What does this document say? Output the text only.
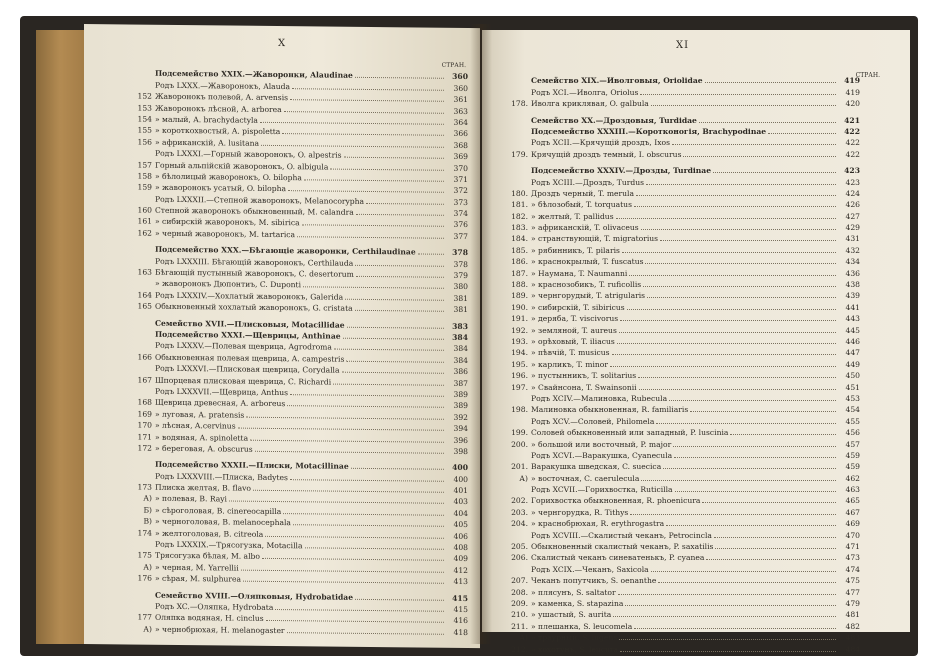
X
СТРАН.
Подсемейство XXIX.—Жаворонки, Alaudinae	360
Родъ LXXX.—Жаворонокъ, Alauda	360
152 Жаворонокъ полевой, A. arvensis	361
153 Жаворонокъ лѣсной, A. arborea	363
154 » малый, A. brachydactyla	364
155 » короткохвостый, A. pispoletta	366
156 » африканскій, A. lusitana	368
Родъ LXXXI.—Горный жаворонокъ, O. alpestris	369
157 Горный альпійскій жаворонокъ, O. albigula	370
158 » бѣлолицый жаворонокъ, O. bilopha	371
159 » жаворонокъ усатый, O. bilopha	372
Родъ LXXXII.—Степной жаворонокъ, Melanocorypha	373
160 Степной жаворонокъ обыкновенный, M. calandra	374
161 » сибирскій жаворонокъ, M. sibirica	376
162 » черный жаворонокъ, M. tartarica	377
Подсемейство XXX.—Бѣгающіе жаворонки, Certhilaudinae	378
Родъ LXXXIII. Бѣгающій жаворонокъ, Certhilauda	378
163 Бѣгающій пустынный жаворонокъ, C. desertorum	379
» жаворонокъ Дюпонтиъ, C. Duponti	380
164 Родъ LXXXIV.—Хохлатый жаворонокъ, Galerida	381
165 Обыкновенный хохлатый жаворонокъ, G. cristata	381
Семейство XVII.—Плисковыя, Motacillidae	383
Подсемейство XXXI.—Щеврицы, Anthinae	384
Родъ LXXXV.—Полевая щеврица, Agrodroma	384
166 Обыкновенная полевая щеврица, A. campestris	384
Родъ LXXXVI.—Плисковая щеврица, Corydalla	386
167 Шпорцевая плисковая щеврица, C. Richardi	387
Родъ LXXXVII.—Щеврица, Anthus	389
168 Щеврица древесная, A. arboreus	389
169 » луговая, A. pratensis	392
170 » лѣсная, A.cervinus	394
171 » водяная, A. spinoletta	396
172 » береговая, A. obscurus	398
Подсемейство XXXII.—Плиски, Motacillinae	400
Родъ LXXXVIII.—Плиска, Badytes	400
173 Плиска желтая, B. flavo	401
А) » полевая, B. Rayi	403
Б) » сѣроголовая, B. cinereocapilla	404
В) » черноголовая, B. melanocephala	405
174 » желтоголовая, B. citreola	406
Родъ LXXXIX.—Трясогузка, Motacilla	408
175 Трясогузка бѣлая, M. albo	409
А) » черная, M. Yarrellii	412
176 » сѣрая, M. sulphurea	413
Семейство XVIII.—Оляпковыя, Hydrobatidae	415
Родъ XC.—Оляпка, Hydrobata	415
177 Оляпка водяная, H. cinclus	416
А) » чернобрюхая, H. melanogaster	418
XI
СТРАН.
Семейство XIX.—Иволговыя, Oriolidae	419
Родъ XCI.—Иволга, Oriolus	419
178. Иволга криклявая, O. galbula	420
Семейство XX.—Дроздовыя, Turdidae	421
Подсемейство XXXIII.—Коротконогія, Brachypodinae	422
Родъ XCII.—Крячущій дроздъ, Ixos	422
179. Крячущій дроздъ темный, I. obscurus	422
Подсемейство XXXIV.—Дрозды, Turdinae	423
Родъ XCIII.—Дроздъ, Turdus	423
180. Дроздъ черный, T. merula	424
181. » бѣлозобый, T. torquatus	426
182. » желтый, T. pallidus	427
183. » африканскій, T. olivaceus	429
184. » странствующій, T. migratorius	431
185. » рябинникъ, T. pilaris	432
186. » краснокрылый, T. fuscatus	434
187. » Наумана, T. Naumanni	436
188. » краснозобикъ, T. ruficollis	438
189. » чернгорудый, T. atrigularis	439
190. » сибирскій, T. sibiricus	441
191. » деряба, T. viscivorus	443
192. » земляной, T. aureus	445
193. » орѣховый, T. iliacus	446
194. » пѣвчій, T. musicus	447
195. » карликъ, T. minor	449
196. » пустынникъ, T. solitarius	450
197. » Свайнсона, T. Swainsonii	451
Родъ XCIV.—Малиновка, Rubecula	453
198. Малиновка обыкновенная, R. familiaris	454
Родъ XCV.—Соловей, Philomela	455
199. Соловей обыкновенный или западный, P. luscinia	456
200. » большой или восточный, P. major	457
Родъ XCVI.—Варакушка, Cyanecula	459
201. Варакушка шведская, C. suecica	459
А) » восточная, C. caerulecula	462
Родъ XCVII.—Горихвостка, Ruticilla	463
202. Горихвостка обыкновенная, R. phoenicura	465
203. » чернгорудка, R. Tithys	467
204. » краснобрюхая, R. erythrogastra	469
Родъ XCVIII.—Скалистый чеканъ, Petrocincla	470
205. Обыкновенный скалистый чеканъ, P. saxatilis	471
206. Скалистый чеканъ синеватенькъ, P. cyanea	473
Родъ XCIX.—Чеканъ, Saxicola	474
207. Чеканъ попутчикъ, S. oenanthe	475
208. » плясунъ, S. saltator	477
209. » каменка, S. stapazina	479
210. » ушастый, S. aurita	481
211. » плешанка, S. leucomela	482
А) » траурный, S. lugens	483
212. » хохотунъ, S. leucura	484
